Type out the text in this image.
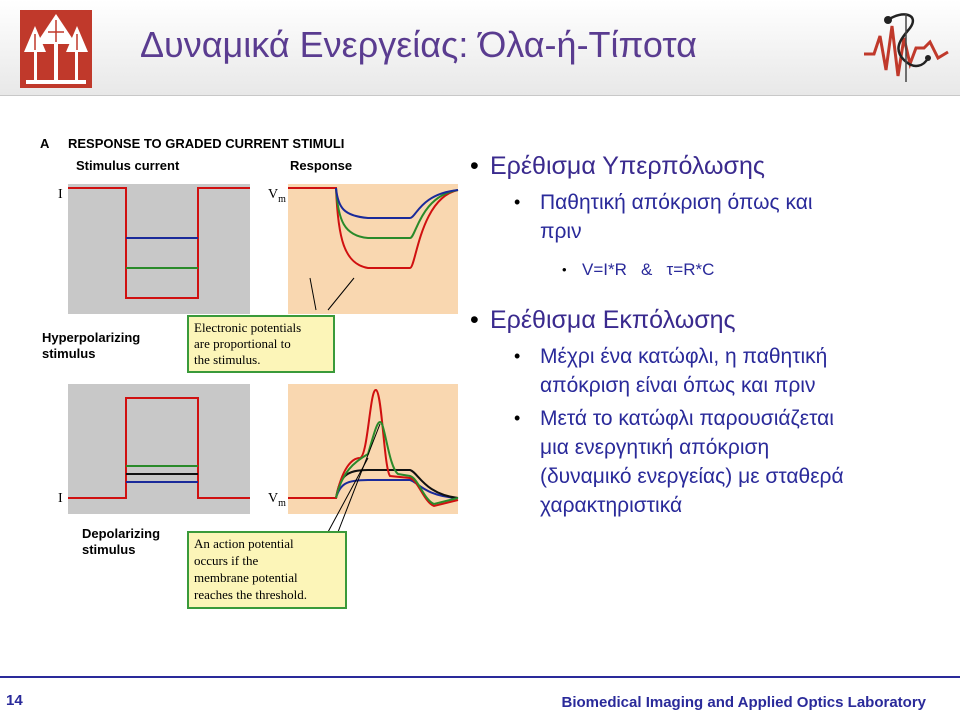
Δυναμικά Ενεργείας: Όλα-ή-Τίποτα
A RESPONSE TO GRADED CURRENT STIMULI
Stimulus current	Response
I	$V_m$
Hyperpolarizing
stimulus
Electronic potentials
are proportional to
the stimulus.
I	$V_m$
Depolarizing
stimulus	An action potential
occurs if the
membrane potential
reaches the threshold.

• Ερέθισμα Υπερπόλωσης

• Παθητική απόκριση όπως και
πριν

• V=I*R   &   τ=R*C

• Ερέθισμα Εκπόλωσης

• Μέχρι ένα κατώφλι, η παθητική
απόκριση είναι όπως και πριν

• Μετά το κατώφλι παρουσιάζεται
μια ενεργητική απόκριση
(δυναμικό ενεργείας) με σταθερά
χαρακτηριστικά

14	Biomedical Imaging and Applied Optics Laboratory
